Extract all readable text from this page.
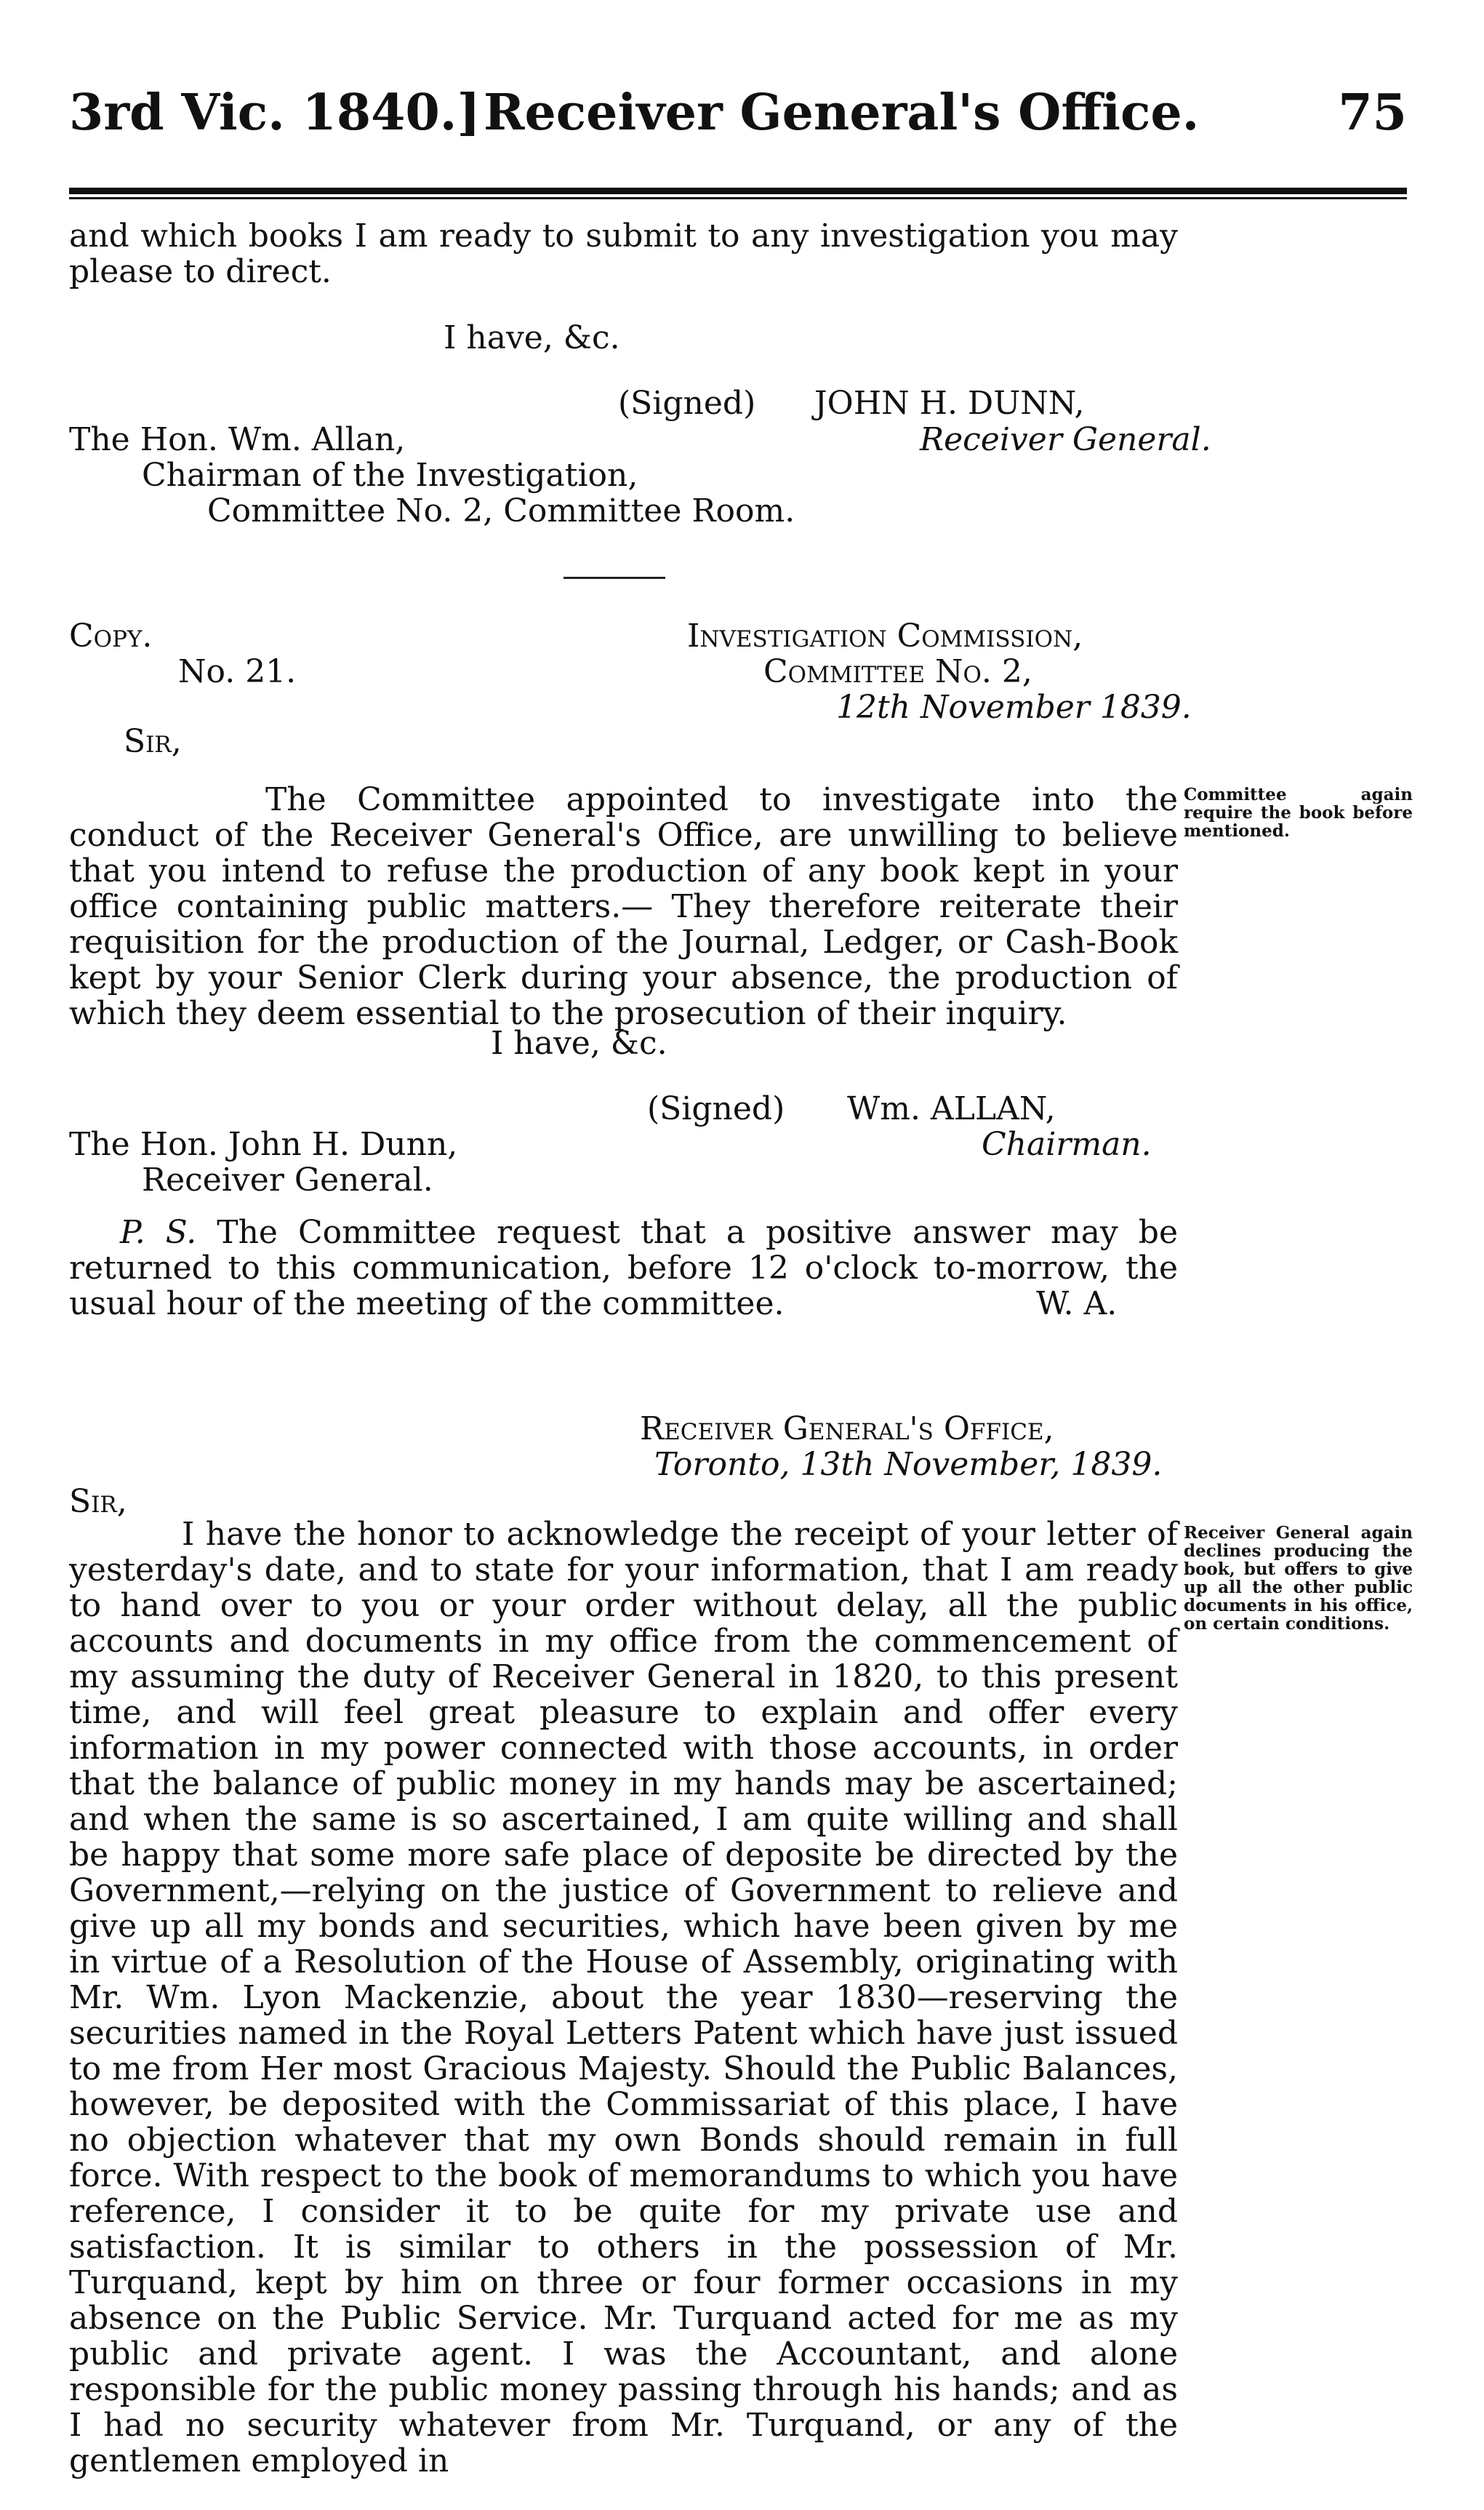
3rd Vic. 1840.] Receiver General's Office.	75
and which books I am ready to submit to any investigation you may please to direct.
I have, &c.
(Signed) JOHN H. DUNN,
Receiver General.
The Hon. Wm. Allan,
Chairman of the Investigation,
Committee No. 2, Committee Room.
Copy.
No. 21.
Investigation Commission,
Committee No. 2,
12th November 1839.
Sir,
The Committee appointed to investigate into the conduct of the Receiver General's Office, are unwilling to believe that you intend to refuse the production of any book kept in your office containing public matters.— They therefore reiterate their requisition for the production of the Journal, Ledger, or Cash-Book kept by your Senior Clerk during your absence, the production of which they deem essential to the prosecution of their inquiry.
Committee again require the book before mentioned.
I have, &c.
(Signed) Wm. ALLAN,
Chairman.
The Hon. John H. Dunn,
Receiver General.
P. S. The Committee request that a positive answer may be returned to this communication, before 12 o'clock to-morrow, the usual hour of the meeting of the committee.	W. A.
Receiver General's Office,
Toronto, 13th November, 1839.
Sir,
I have the honor to acknowledge the receipt of your letter of yesterday's date, and to state for your information, that I am ready to hand over to you or your order without delay, all the public accounts and documents in my office from the commencement of my assuming the duty of Receiver General in 1820, to this present time, and will feel great pleasure to explain and offer every information in my power connected with those accounts, in order that the balance of public money in my hands may be ascertained; and when the same is so ascertained, I am quite willing and shall be happy that some more safe place of deposite be directed by the Government,—relying on the justice of Government to relieve and give up all my bonds and securities, which have been given by me in virtue of a Resolution of the House of Assembly, originating with Mr. Wm. Lyon Mackenzie, about the year 1830—reserving the securities named in the Royal Letters Patent which have just issued to me from Her most Gracious Majesty. Should the Public Balances, however, be deposited with the Commissariat of this place, I have no objection whatever that my own Bonds should remain in full force. With respect to the book of memorandums to which you have reference, I consider it to be quite for my private use and satisfaction. It is similar to others in the possession of Mr. Turquand, kept by him on three or four former occasions in my absence on the Public Service. Mr. Turquand acted for me as my public and private agent. I was the Accountant, and alone responsible for the public money passing through his hands; and as I had no security whatever from Mr. Turquand, or any of the gentlemen employed in
Receiver General again declines producing the book, but offers to give up all the other public documents in his office, on certain conditions.
